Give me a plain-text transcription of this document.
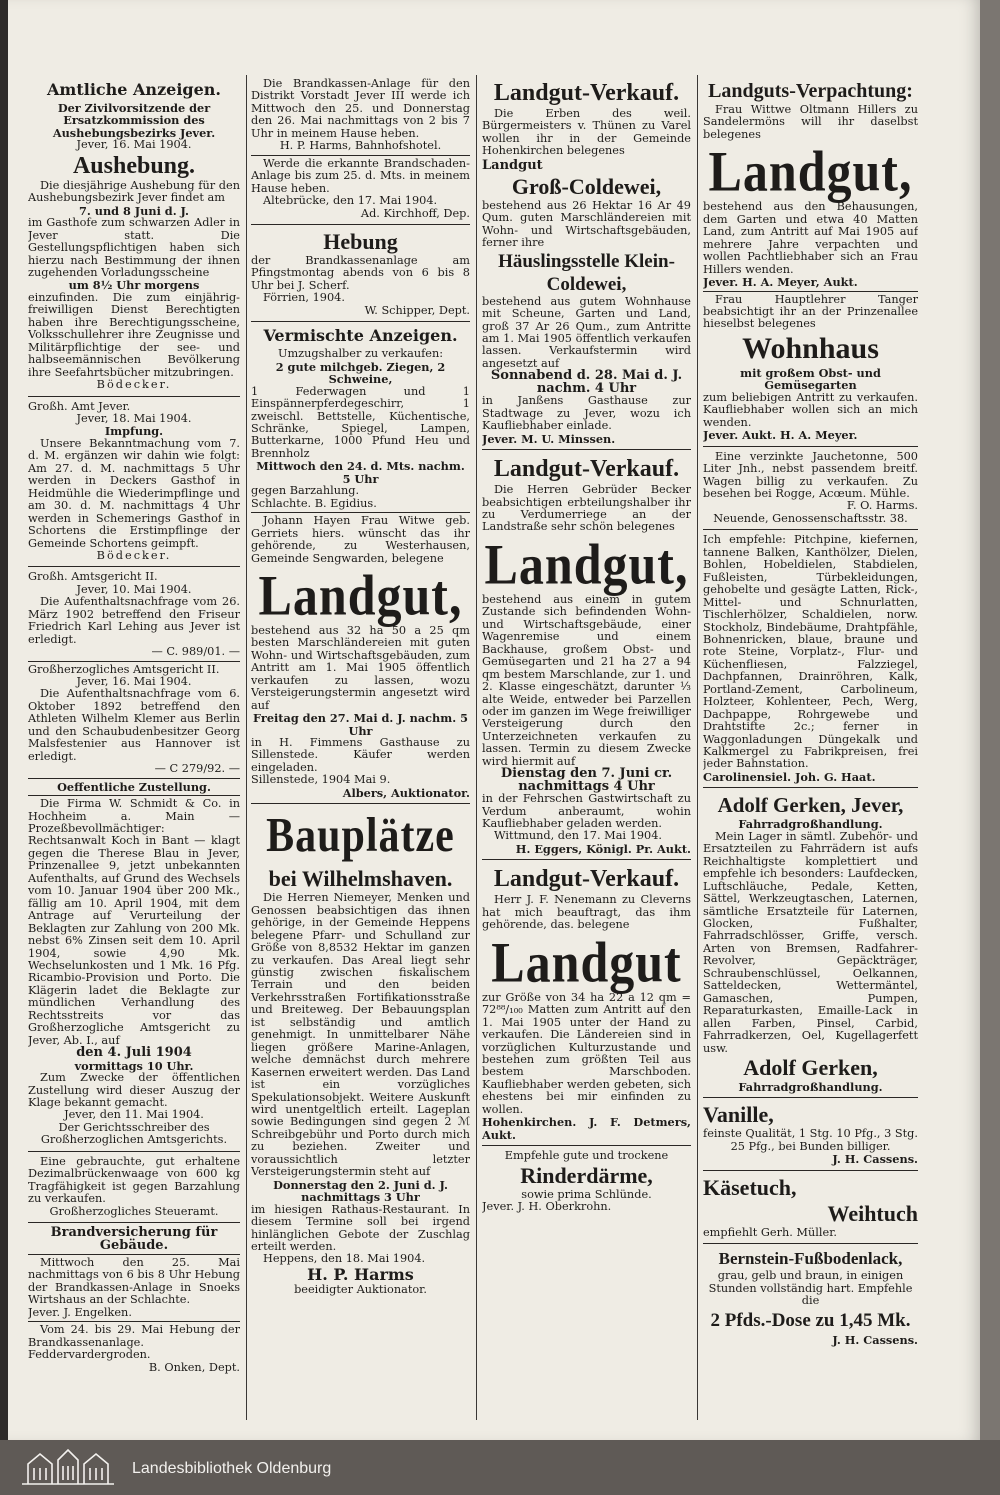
Amtliche Anzeigen.

Der Zivilvorsitzende der Ersatzkommission des Aushebungsbezirks Jever.

Jever, 16. Mai 1904.

Aushebung.

Die diesjährige Aushebung für den Aushebungsbezirk Jever findet am

7. und 8 Juni d. J.

im Gasthofe zum schwarzen Adler in Jever statt. Die Gestellungspflichtigen haben sich hierzu nach Bestimmung der ihnen zugehenden Vorladungsscheine

um 8½ Uhr morgens

einzufinden. Die zum einjährig-freiwilligen Dienst Berechtigten haben ihre Berechtigungsscheine, Volksschullehrer ihre Zeugnisse und Militärpflichtige der see- und halbseemännischen Bevölkerung ihre Seefahrtsbücher mitzubringen.

Bödecker.

Großh. Amt Jever.

Jever, 18. Mai 1904.

Impfung.

Unsere Bekanntmachung vom 7. d. M. ergänzen wir dahin wie folgt: Am 27. d. M. nachmittags 5 Uhr werden in Deckers Gasthof in Heidmühle die Wiederimpflinge und am 30. d. M. nachmittags 4 Uhr werden in Schemerings Gasthof in Schortens die Erstimpflinge der Gemeinde Schortens geimpft.

Bödecker.

Großh. Amtsgericht II.

Jever, 10. Mai 1904.

Die Aufenthaltsnachfrage vom 26. März 1902 betreffend den Friseur Friedrich Karl Lehing aus Jever ist erledigt.

— C. 989/01. —

Großherzogliches Amtsgericht II.

Jever, 16. Mai 1904.

Die Aufenthaltsnachfrage vom 6. Oktober 1892 betreffend den Athleten Wilhelm Klemer aus Berlin und den Schaubudenbesitzer Georg Malsfestenier aus Hannover ist erledigt.

— C 279/92. —

Oeffentliche Zustellung.

Die Firma W. Schmidt & Co. in Hochheim a. Main — Prozeßbevollmächtiger: Rechtsanwalt Koch in Bant — klagt gegen die Therese Blau in Jever, Prinzenallee 9, jetzt unbekannten Aufenthalts, auf Grund des Wechsels vom 10. Januar 1904 über 200 Mk., fällig am 10. April 1904, mit dem Antrage auf Verurteilung der Beklagten zur Zahlung von 200 Mk. nebst 6% Zinsen seit dem 10. April 1904, sowie 4,90 Mk. Wechselunkosten und 1 Mk. 16 Pfg. Ricambio-Provision und Porto. Die Klägerin ladet die Beklagte zur mündlichen Verhandlung des Rechtsstreits vor das Großherzogliche Amtsgericht zu Jever, Ab. I., auf

den 4. Juli 1904

vormittags 10 Uhr.

Zum Zwecke der öffentlichen Zustellung wird dieser Auszug der Klage bekannt gemacht.

Jever, den 11. Mai 1904.

Der Gerichtsschreiber des Großherzoglichen Amtsgerichts.

Eine gebrauchte, gut erhaltene Dezimalbrückenwaage von 600 kg Tragfähigkeit ist gegen Barzahlung zu verkaufen.

Großherzogliches Steueramt.

Brandversicherung für Gebäude.

Mittwoch den 25. Mai nachmittags von 6 bis 8 Uhr Hebung der Brandkassen-Anlage in Snoeks Wirtshaus an der Schlachte.

Jever. J. Engelken.

Vom 24. bis 29. Mai Hebung der Brandkassenanlage. Feddervardergroden.

B. Onken, Dept.

Die Brandkassen-Anlage für den Distrikt Vorstadt Jever III werde ich Mittwoch den 25. und Donnerstag den 26. Mai nachmittags von 2 bis 7 Uhr in meinem Hause heben.

H. P. Harms, Bahnhofshotel.

Werde die erkannte Brandschaden-Anlage bis zum 25. d. Mts. in meinem Hause heben.

Altebrücke, den 17. Mai 1904.

Ad. Kirchhoff, Dep.

Hebung

der Brandkassenanlage am Pfingstmontag abends von 6 bis 8 Uhr bei J. Scherf.

Förrien, 1904.

W. Schipper, Dept.

Vermischte Anzeigen.

Umzugshalber zu verkaufen:

2 gute milchgeb. Ziegen, 2 Schweine,

1 Federwagen und 1 Einspännerpferdegeschirr, 1 zweischl. Bettstelle, Küchentische, Schränke, Spiegel, Lampen, Butterkarne, 1000 Pfund Heu und Brennholz

Mittwoch den 24. d. Mts. nachm. 5 Uhr

gegen Barzahlung.

Schlachte. B. Egidius.

Johann Hayen Frau Witwe geb. Gerriets hiers. wünscht das ihr gehörende, zu Westerhausen, Gemeinde Sengwarden, belegene

Landgut,

bestehend aus 32 ha 50 a 25 qm besten Marschländereien mit guten Wohn- und Wirtschaftsgebäuden, zum Antritt am 1. Mai 1905 öffentlich verkaufen zu lassen, wozu Versteigerungstermin angesetzt wird auf

Freitag den 27. Mai d. J. nachm. 5 Uhr

in H. Fimmens Gasthause zu Sillenstede. Käufer werden eingeladen.

Sillenstede, 1904 Mai 9.

Albers, Auktionator.

Bauplätze
bei Wilhelmshaven.

Die Herren Niemeyer, Menken und Genossen beabsichtigen das ihnen gehörige, in der Gemeinde Heppens belegene Pfarr- und Schulland zur Größe von 8,8532 Hektar im ganzen zu verkaufen. Das Areal liegt sehr günstig zwischen fiskalischem Terrain und den beiden Verkehrsstraßen Fortifikationsstraße und Breiteweg. Der Bebauungsplan ist selbständig und amtlich genehmigt. In unmittelbarer Nähe liegen größere Marine-Anlagen, welche demnächst durch mehrere Kasernen erweitert werden. Das Land ist ein vorzügliches Spekulationsobjekt. Weitere Auskunft wird unentgeltlich erteilt. Lageplan sowie Bedingungen sind gegen 2 ℳ Schreibgebühr und Porto durch mich zu beziehen. Zweiter und voraussichtlich letzter Versteigerungstermin steht auf

Donnerstag den 2. Juni d. J. nachmittags 3 Uhr

im hiesigen Rathaus-Restaurant. In diesem Termine soll bei irgend hinlänglichen Gebote der Zuschlag erteilt werden.

Heppens, den 18. Mai 1904.

H. P. Harms

beeidigter Auktionator.

Landgut-Verkauf.

Die Erben des weil. Bürgermeisters v. Thünen zu Varel wollen ihr in der Gemeinde Hohenkirchen belegenes

Landgut

Groß-Coldewei,

bestehend aus 26 Hektar 16 Ar 49 Qum. guten Marschländereien mit Wohn- und Wirtschaftsgebäuden, ferner ihre

Häuslingsstelle Klein-Coldewei,

bestehend aus gutem Wohnhause mit Scheune, Garten und Land, groß 37 Ar 26 Qum., zum Antritte am 1. Mai 1905 öffentlich verkaufen lassen. Verkaufstermin wird angesetzt auf

Sonnabend d. 28. Mai d. J. nachm. 4 Uhr

in Janßens Gasthause zur Stadtwage zu Jever, wozu ich Kaufliebhaber einlade.

Jever. M. U. Minssen.

Landgut-Verkauf.

Die Herren Gebrüder Becker beabsichtigen erbteilungshalber ihr zu Verdumerriege an der Landstraße sehr schön belegenes

Landgut,

bestehend aus einem in gutem Zustande sich befindenden Wohn- und Wirtschaftsgebäude, einer Wagenremise und einem Backhause, großem Obst- und Gemüsegarten und 21 ha 27 a 94 qm bestem Marschlande, zur 1. und 2. Klasse eingeschätzt, darunter ⅓ alte Weide, entweder bei Parzellen oder im ganzen im Wege freiwilliger Versteigerung durch den Unterzeichneten verkaufen zu lassen. Termin zu diesem Zwecke wird hiermit auf

Dienstag den 7. Juni cr. nachmittags 4 Uhr

in der Fehrschen Gastwirtschaft zu Verdum anberaumt, wohin Kaufliebhaber geladen werden.

Wittmund, den 17. Mai 1904.

H. Eggers, Königl. Pr. Aukt.

Landgut-Verkauf.

Herr J. F. Nenemann zu Cleverns hat mich beauftragt, das ihm gehörende, das. belegene

Landgut

zur Größe von 34 ha 22 a 12 qm = 72⁸⁸/₁₀₀ Matten zum Antritt auf den 1. Mai 1905 unter der Hand zu verkaufen. Die Ländereien sind in vorzüglichen Kulturzustande und bestehen zum größten Teil aus bestem Marschboden. Kaufliebhaber werden gebeten, sich ehestens bei mir einfinden zu wollen.

Hohenkirchen. J. F. Detmers, Aukt.

Empfehle gute und trockene

Rinderdärme,

sowie prima Schlünde.

Jever. J. H. Oberkrohn.

Landguts-Verpachtung:

Frau Wittwe Oltmann Hillers zu Sandelermöns will ihr daselbst belegenes

Landgut,

bestehend aus den Behausungen, dem Garten und etwa 40 Matten Land, zum Antritt auf Mai 1905 auf mehrere Jahre verpachten und wollen Pachtliebhaber sich an Frau Hillers wenden.

Jever. H. A. Meyer, Aukt.

Frau Hauptlehrer Tanger beabsichtigt ihr an der Prinzenallee hieselbst belegenes

Wohnhaus

mit großem Obst- und Gemüsegarten

zum beliebigen Antritt zu verkaufen. Kaufliebhaber wollen sich an mich wenden.

Jever. Aukt. H. A. Meyer.

Eine verzinkte Jauchetonne, 500 Liter Jnh., nebst passendem breitf. Wagen billig zu verkaufen. Zu besehen bei Rogge, Acœum. Mühle.

F. O. Harms.

Neuende, Genossenschaftsstr. 38.

Ich empfehle: Pitchpine, kiefernen, tannene Balken, Kanthölzer, Dielen, Bohlen, Hobeldielen, Stabdielen, Fußleisten, Türbekleidungen, gehobelte und gesägte Latten, Rick-, Mittel- und Schnurlatten, Tischlerhölzer, Schaldielen, norw. Stockholz, Bindebäume, Drahtpfähle, Bohnenricken, blaue, braune und rote Steine, Vorplatz-, Flur- und Küchenfliesen, Falzziegel, Dachpfannen, Drainröhren, Kalk, Portland-Zement, Carbolineum, Holzteer, Kohlenteer, Pech, Werg, Dachpappe, Rohrgewebe und Drahtstifte 2c.; ferner in Waggonladungen Düngekalk und Kalkmergel zu Fabrikpreisen, frei jeder Bahnstation.

Carolinensiel. Joh. G. Haat.

Adolf Gerken, Jever,

Fahrradgroßhandlung.

Mein Lager in sämtl. Zubehör- und Ersatzteilen zu Fahrrädern ist aufs Reichhaltigste komplettiert und empfehle ich besonders: Laufdecken, Luftschläuche, Pedale, Ketten, Sättel, Werkzeugtaschen, Laternen, sämtliche Ersatzteile für Laternen, Glocken, Fußhalter, Fahrradschlösser, Griffe, versch. Arten von Bremsen, Radfahrer-Revolver, Gepäckträger, Schraubenschlüssel, Oelkannen, Satteldecken, Wettermäntel, Gamaschen, Pumpen, Reparaturkasten, Emaille-Lack in allen Farben, Pinsel, Carbid, Fahrradkerzen, Oel, Kugellagerfett usw.

Adolf Gerken,

Fahrradgroßhandlung.

Vanille,

feinste Qualität, 1 Stg. 10 Pfg., 3 Stg. 25 Pfg., bei Bunden billiger.

J. H. Cassens.

Käsetuch,
Weihtuch

empfiehlt Gerh. Müller.

Bernstein-Fußbodenlack,

grau, gelb und braun, in einigen Stunden vollständig hart. Empfehle die

2 Pfds.-Dose zu 1,45 Mk.

J. H. Cassens.

Landesbibliothek Oldenburg
